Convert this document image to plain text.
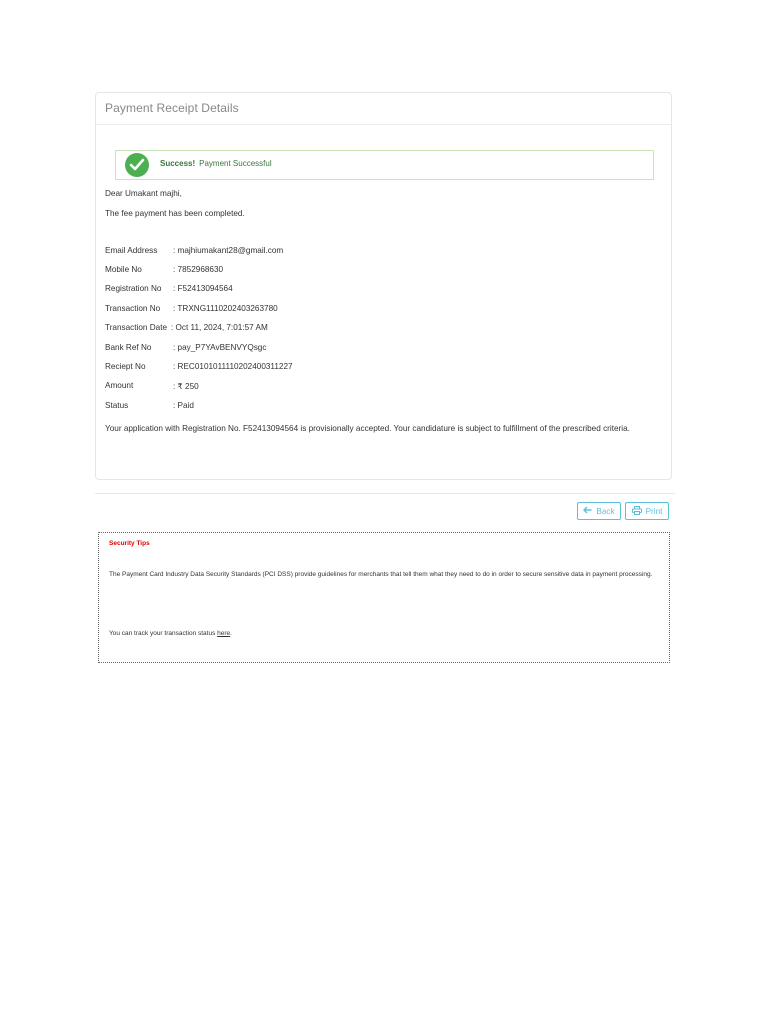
Payment Receipt Details
Success! Payment Successful
Dear Umakant majhi,
The fee payment has been completed.
Email Address : majhiumakant28@gmail.com
Mobile No	: 7852968630
Registration No : F52413094564
Transaction No : TRXNG1110202403263780
Transaction Date : Oct 11, 2024, 7:01:57 AM
Bank Ref No	: pay_P7YAvBENVYQsgc
Reciept No	: REC0101011110202400311227
Amount	: ₹ 250
Status	: Paid
Your application with Registration No. F52413094564 is provisionally accepted. Your candidature is subject to fulfillment of the prescribed criteria.
Back	Print
Security Tips
The Payment Card Industry Data Security Standards (PCI DSS) provide guidelines for merchants that tell them what they need to do in order to secure sensitive data in payment processing.
You can track your transaction status here.
